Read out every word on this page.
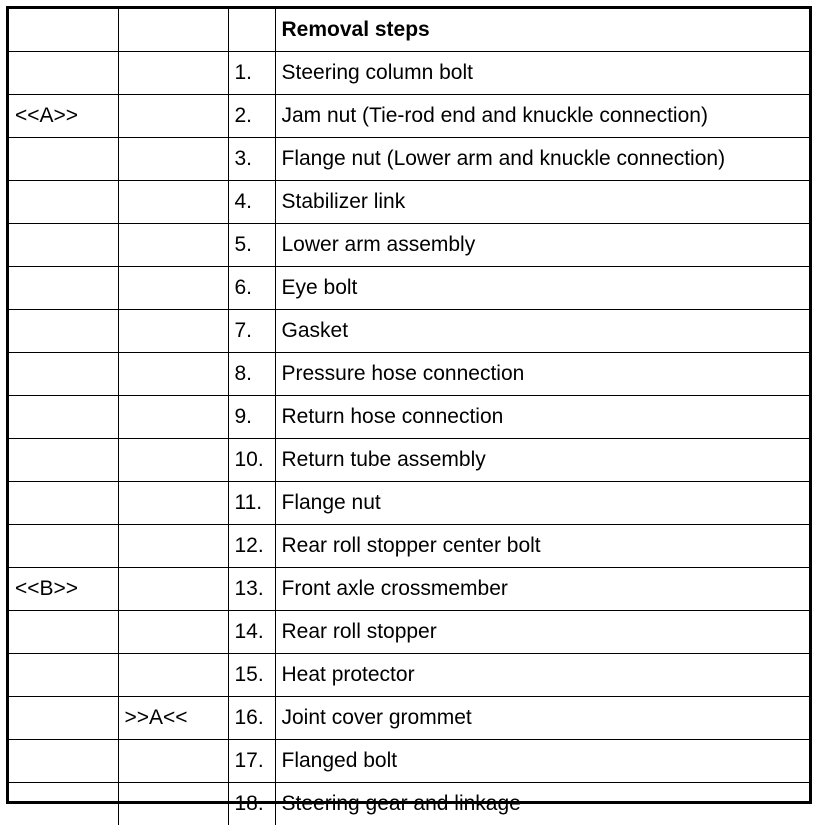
			Removal steps
		1.	Steering column bolt
<<A>>		2.	Jam nut (Tie-rod end and knuckle connection)
		3.	Flange nut (Lower arm and knuckle connection)
		4.	Stabilizer link
		5.	Lower arm assembly
		6.	Eye bolt
		7.	Gasket
		8.	Pressure hose connection
		9.	Return hose connection
		10.	Return tube assembly
		11.	Flange nut
		12.	Rear roll stopper center bolt
<<B>>		13.	Front axle crossmember
		14.	Rear roll stopper
		15.	Heat protector
	>>A<<	16.	Joint cover grommet
		17.	Flanged bolt
		18.	Steering gear and linkage
